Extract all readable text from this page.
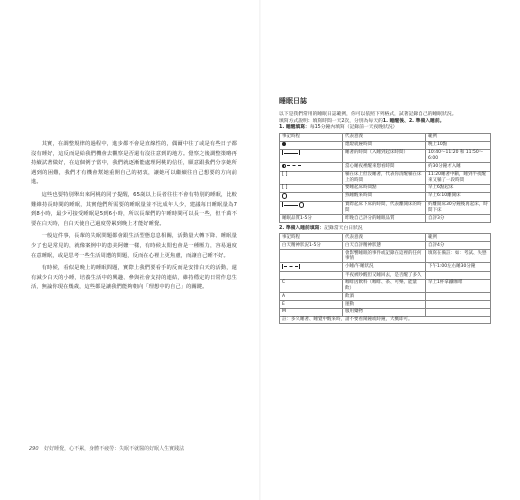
其實，在調整規律的過程中，進步都不會是直線性的，偶爾中往了或是有些日子都沒有睡好，這反而是給我們機會去觀察是否還有沒注意到的地方。覺察之後調整策略再持續試著做好，在這個例子當中，我們就逐漸能處理阿桃的信任，願意跟我們分享她所遇到的困難，我們才有機會幫她重開自己的初衷，讓她可以繼續往自己想要的方向前進。

這些也要特別舉出來阿桃的同子提醒，65歲以上長者往往不會有特別的睡眠，比較難維持長時間的睡眠，其實他們所需要的睡眠量並不比成年人少，建議每日睡眠量為7到8小時，最少可接受睡眠是5到6小時，所以長輩們的午睡時間可以長一些，但千萬不要在白天時，自白天使自己過度勞累到晚上才能好睡覺。

一般這件事，長輩的失眠問題都會跟生活型態息息相關，活動量大轉下降、睡眠量少了也是常見的，就像案例中的患美阿嬤一樣，有時候太閒也會是一種壓力，容易過度在意睡眠，或是思考一些生活周遭的問題，反而在心裡上更焦慮，而讓自己睡不好。

有時候，看似是晚上的睡眠問題，實際上我們要看手的反而是安排白天的活動，還有減少白天的小睡，培養生活中的興趣、參與社會支持的連結，維持穩定的日常作息生活，無論你現在幾歲，這些都是讓我們能夠朝向「理想中的自己」的關鍵。

290 好好睡覺，心不累，身體不疲勞：失眠不就醫的好眠人生實踐法
睡眠日誌

以下是我們常用的睡眠日誌範例，你可以依照下列格式，試著記錄自己的睡眠狀況。

填寫方式說明：填寫時間一天2次，分別為每天的1. 睡醒後、2. 準備入睡前。

1. 睡醒填寫：每15分鐘內填寫（記錄前一天夜晚狀況）

事記時程	代表意義	範例
	熄燈就寢時間	晚上10點
	睡著的時間（入睡到起床時間）	10:40～11:20 和 11:50～6:00
	當心睡夜裡醒來想看時間	約30分鐘才入睡
[ ]	躺在床上但沒睡著，代表你清醒躺在床上的時間	11:20睡著中斷，睡到半夜醒來又躺了一段時間
[ ]	要睡起床時間點	早上6點起床
	熟睡醒來時間	早上6:10離開床
	實際起床下床的時間，代表離開床的時間	約離開床30分鐘後再起床，時間下床
睡眠品質1-5分	昨晚自己評分的睡眠品質	自評3分

2. 準備入睡前填寫：記錄當天白日狀況

事記時程	代表意義	範例
白天精神狀況1-5分	白天自評精神狀態	自評4分
	會影響睡眠的事件或記錄在這裡的任何事情	填寫在備註：如：考試、失戀
	小睡/午睡狀況	下午1:00左右睡30分鐘
	半夜被吵醒但又睡回去，是否醒了多久	
C	咖啡因飲料（咖啡、茶、可樂、能量飲）	早上1杯拿鐵咖啡
A	飲酒	
E	運動	
M	服用藥物	
註：多久睡著、睡覺中醒來時，請不要看鬧鐘或時鐘，大概即可。		
